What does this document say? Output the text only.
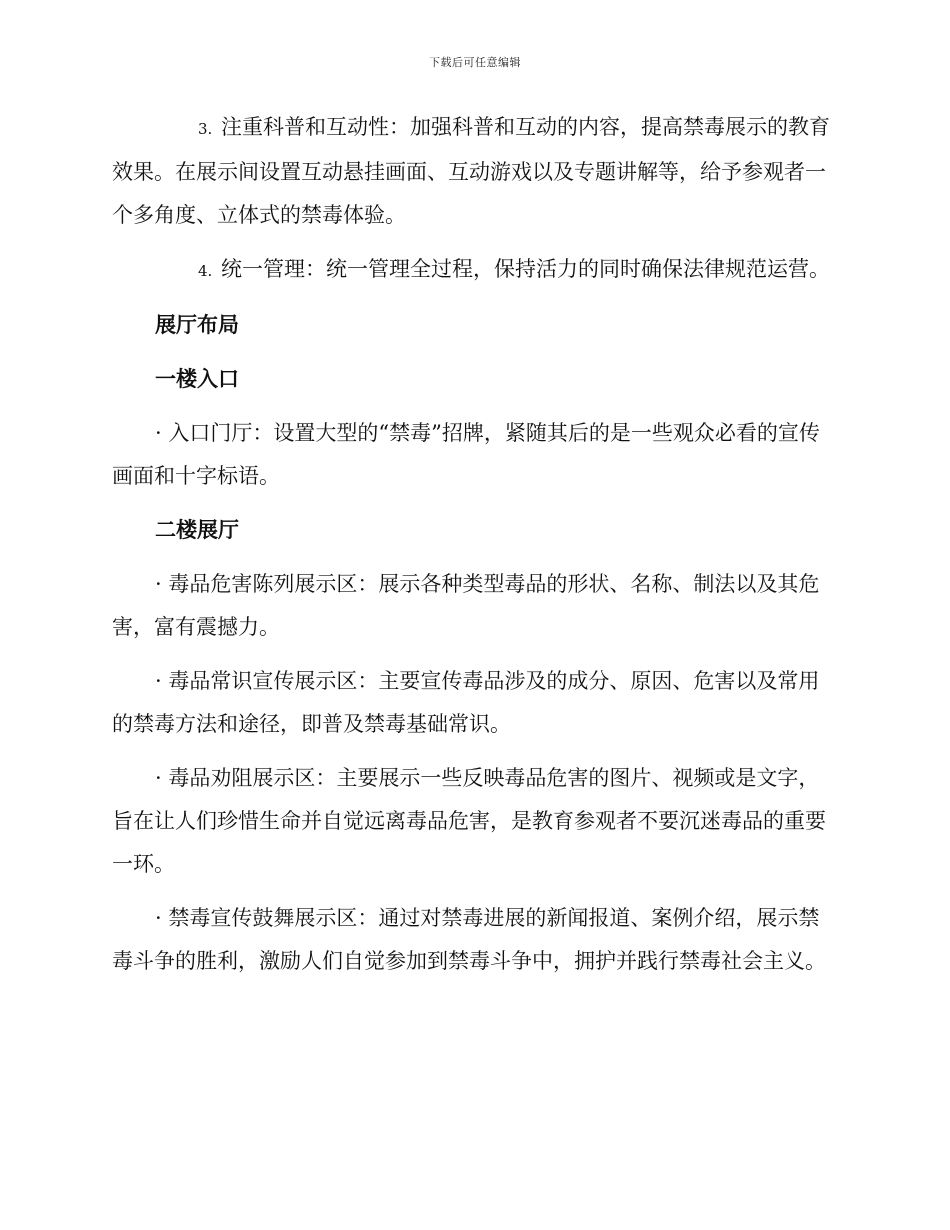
下载后可任意编辑
3. 注重科普和互动性：加强科普和互动的内容，提高禁毒展示的教育效果。在展示间设置互动悬挂画面、互动游戏以及专题讲解等，给予参观者一个多角度、立体式的禁毒体验。
4. 统一管理：统一管理全过程，保持活力的同时确保法律规范运营。
展厅布局
一楼入口
· 入口门厅：设置大型的“禁毒”招牌，紧随其后的是一些观众必看的宣传画面和十字标语。
二楼展厅
· 毒品危害陈列展示区：展示各种类型毒品的形状、名称、制法以及其危害，富有震撼力。
· 毒品常识宣传展示区：主要宣传毒品涉及的成分、原因、危害以及常用的禁毒方法和途径，即普及禁毒基础常识。
· 毒品劝阻展示区：主要展示一些反映毒品危害的图片、视频或是文字，旨在让人们珍惜生命并自觉远离毒品危害，是教育参观者不要沉迷毒品的重要一环。
· 禁毒宣传鼓舞展示区：通过对禁毒进展的新闻报道、案例介绍，展示禁毒斗争的胜利，激励人们自觉参加到禁毒斗争中，拥护并践行禁毒社会主义。
